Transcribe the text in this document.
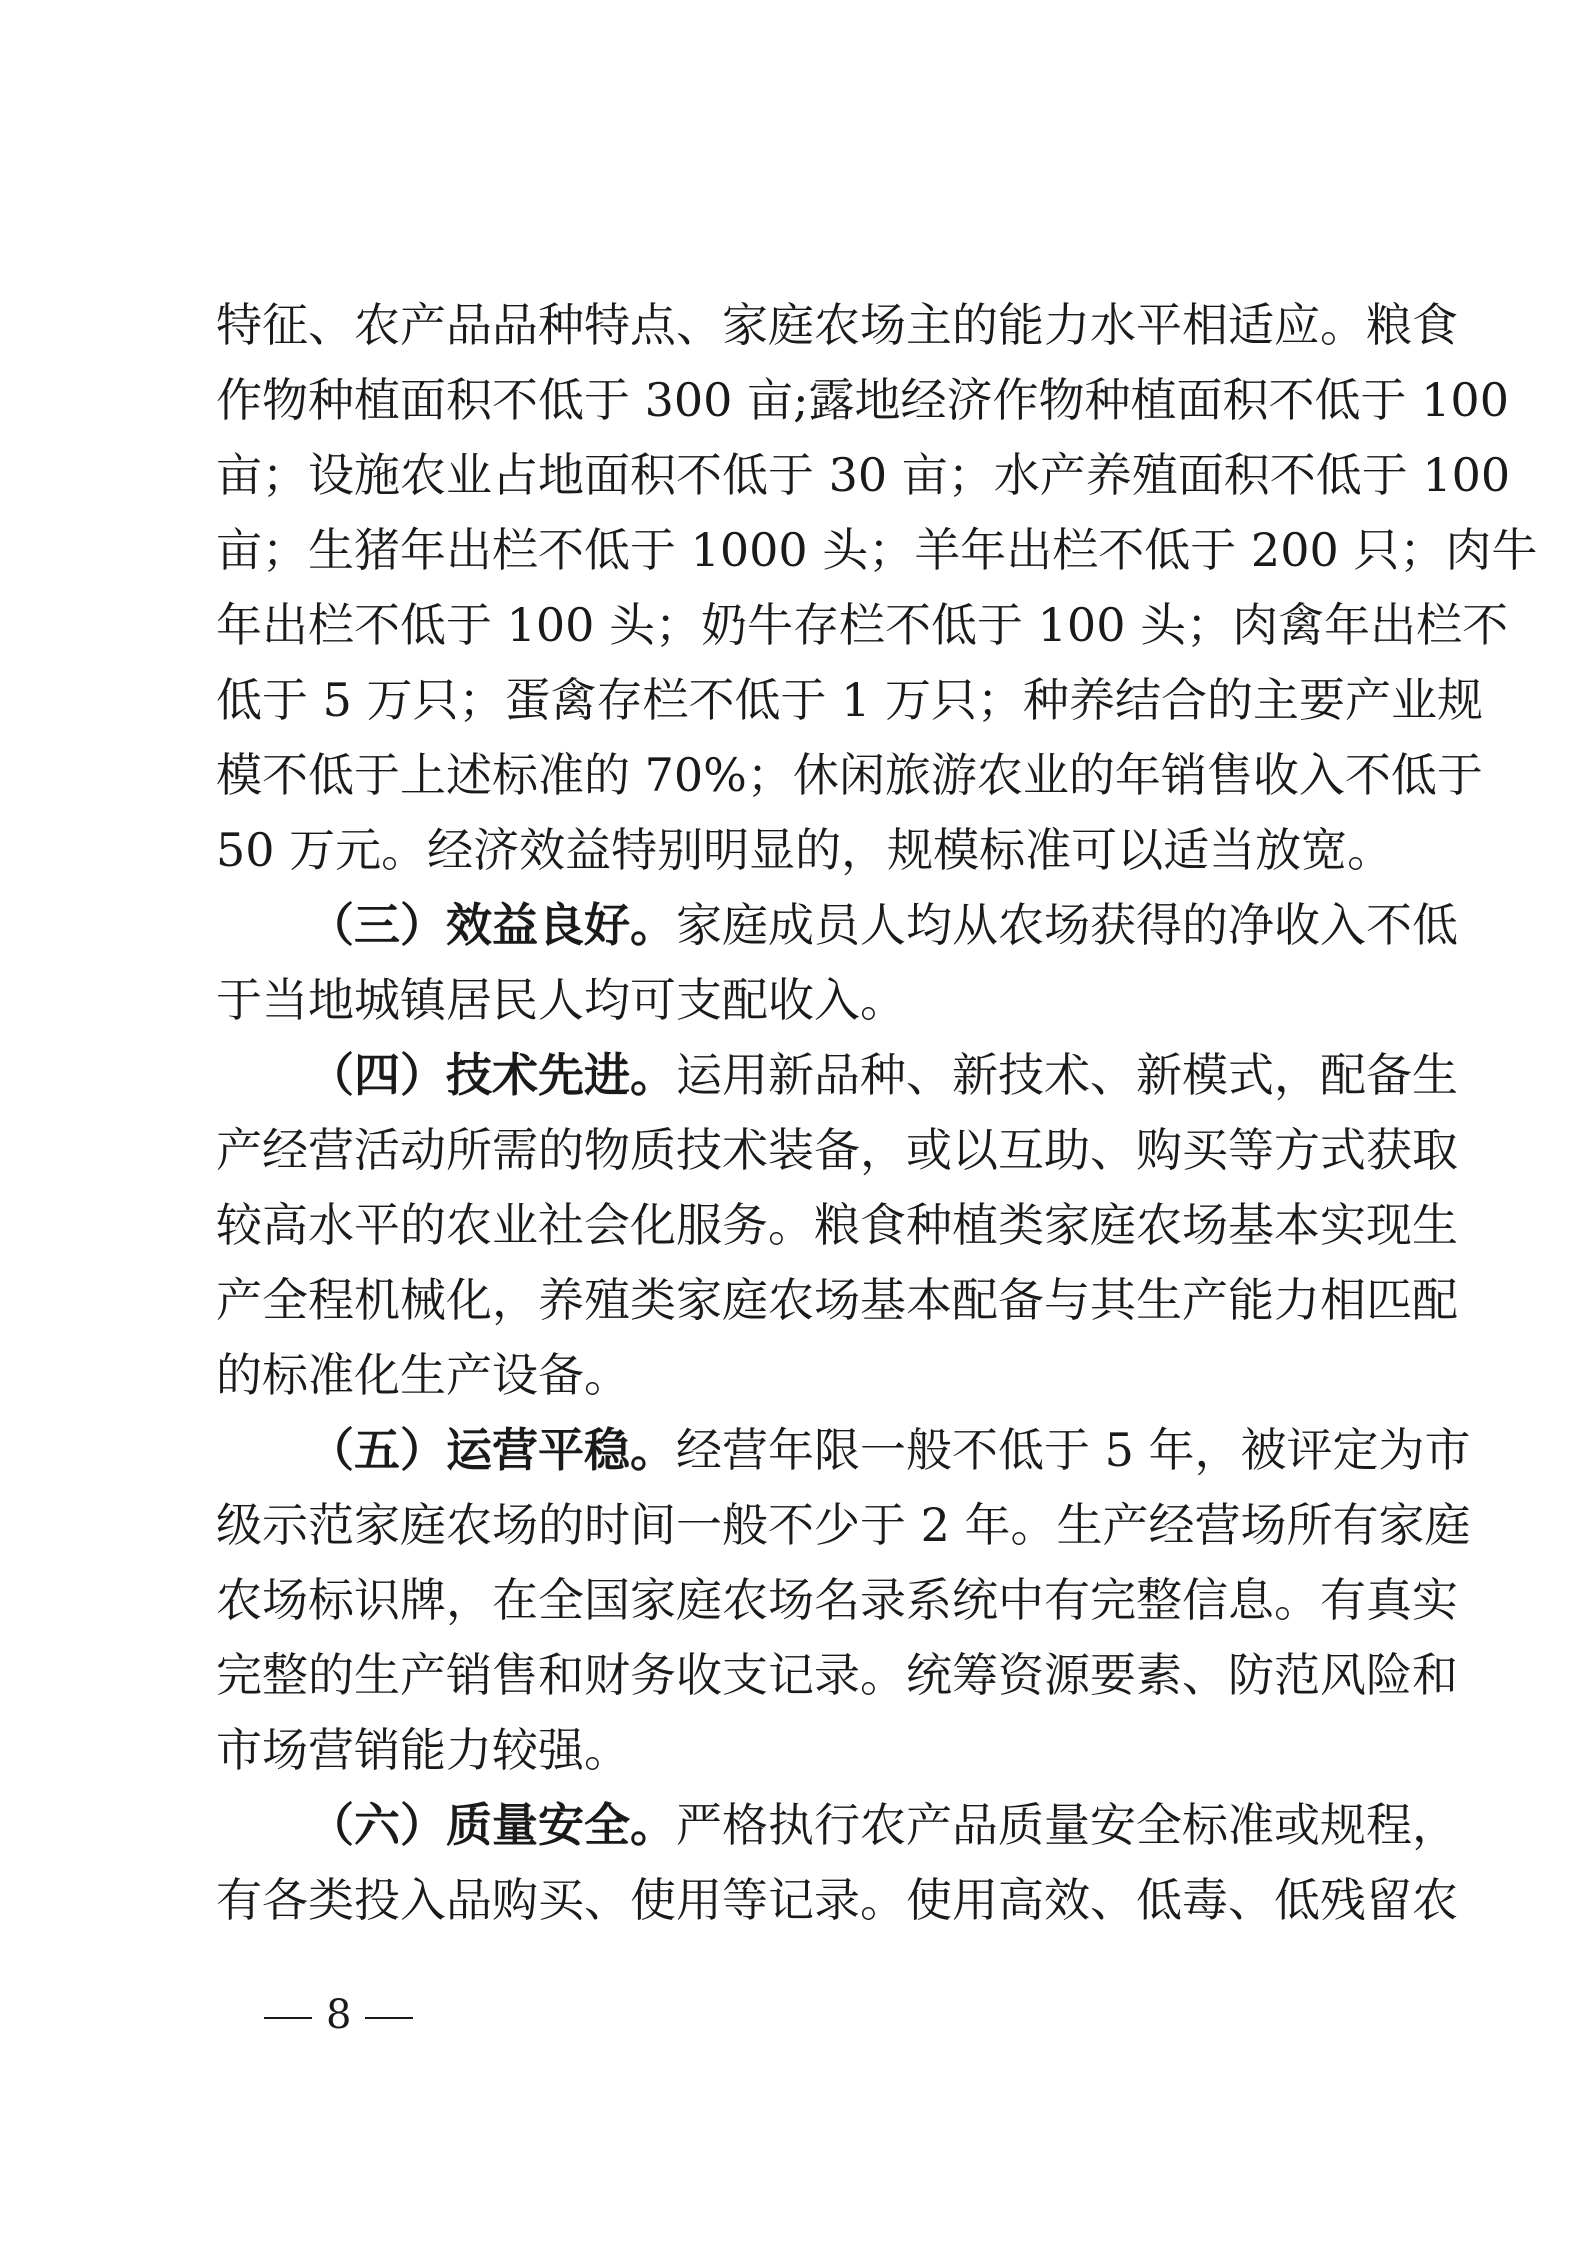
特征、农产品品种特点、家庭农场主的能力水平相适应。粮食
作物种植面积不低于 300 亩;露地经济作物种植面积不低于 100
亩；设施农业占地面积不低于 30 亩；水产养殖面积不低于 100
亩；生猪年出栏不低于 1000 头；羊年出栏不低于 200 只；肉牛
年出栏不低于 100 头；奶牛存栏不低于 100 头；肉禽年出栏不
低于 5 万只；蛋禽存栏不低于 1 万只；种养结合的主要产业规
模不低于上述标准的 70%；休闲旅游农业的年销售收入不低于
50 万元。经济效益特别明显的，规模标准可以适当放宽。
（三）效益良好。家庭成员人均从农场获得的净收入不低
于当地城镇居民人均可支配收入。
（四）技术先进。运用新品种、新技术、新模式，配备生
产经营活动所需的物质技术装备，或以互助、购买等方式获取
较高水平的农业社会化服务。粮食种植类家庭农场基本实现生
产全程机械化，养殖类家庭农场基本配备与其生产能力相匹配
的标准化生产设备。
（五）运营平稳。经营年限一般不低于 5 年，被评定为市
级示范家庭农场的时间一般不少于 2 年。生产经营场所有家庭
农场标识牌，在全国家庭农场名录系统中有完整信息。有真实
完整的生产销售和财务收支记录。统筹资源要素、防范风险和
市场营销能力较强。
（六）质量安全。严格执行农产品质量安全标准或规程，
有各类投入品购买、使用等记录。使用高效、低毒、低残留农
8
